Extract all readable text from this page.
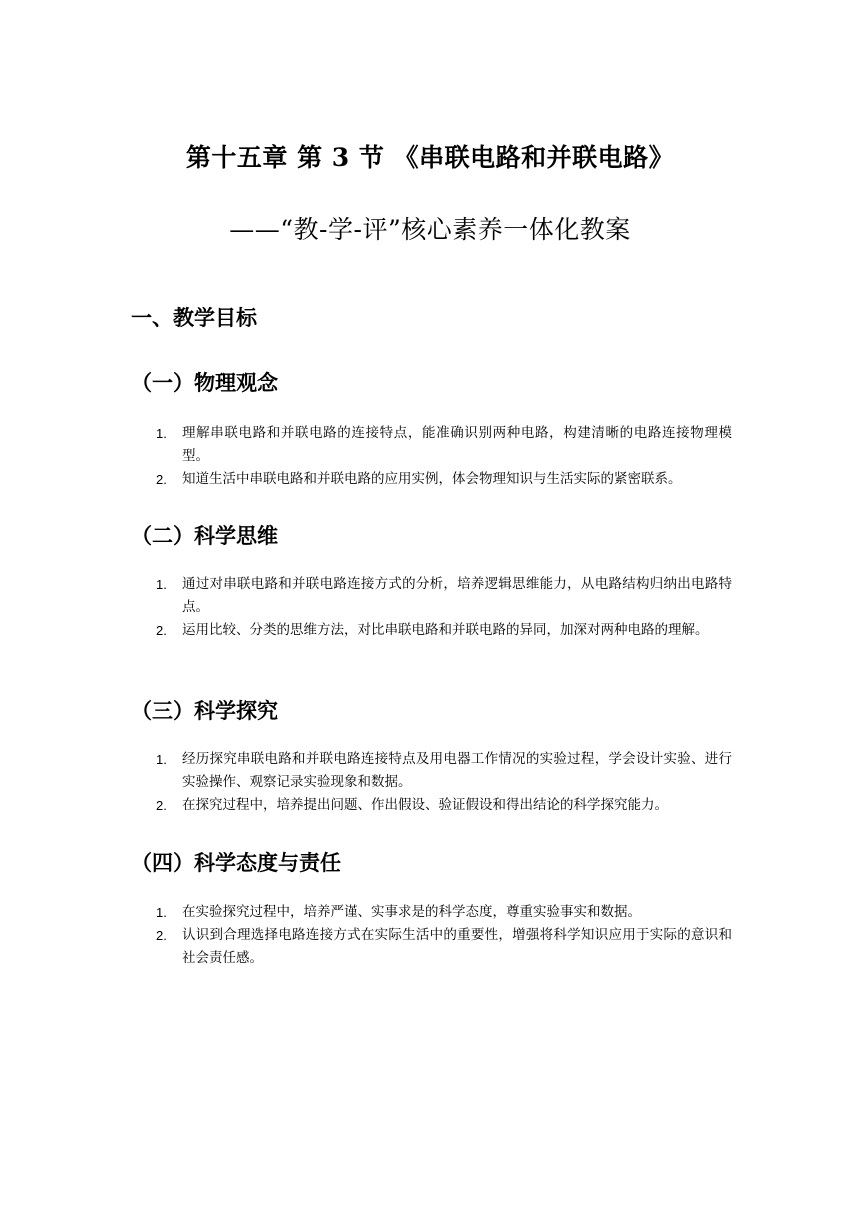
第十五章 第 3 节 《串联电路和并联电路》
——“教-学-评”核心素养一体化教案
一、教学目标
（一）物理观念
1. 理解串联电路和并联电路的连接特点，能准确识别两种电路，构建清晰的电路连接物理模型。
2. 知道生活中串联电路和并联电路的应用实例，体会物理知识与生活实际的紧密联系。
（二）科学思维
1. 通过对串联电路和并联电路连接方式的分析，培养逻辑思维能力，从电路结构归纳出电路特点。
2. 运用比较、分类的思维方法，对比串联电路和并联电路的异同，加深对两种电路的理解。
（三）科学探究
1. 经历探究串联电路和并联电路连接特点及用电器工作情况的实验过程，学会设计实验、进行实验操作、观察记录实验现象和数据。
2. 在探究过程中，培养提出问题、作出假设、验证假设和得出结论的科学探究能力。
（四）科学态度与责任
1. 在实验探究过程中，培养严谨、实事求是的科学态度，尊重实验事实和数据。
2. 认识到合理选择电路连接方式在实际生活中的重要性，增强将科学知识应用于实际的意识和社会责任感。
